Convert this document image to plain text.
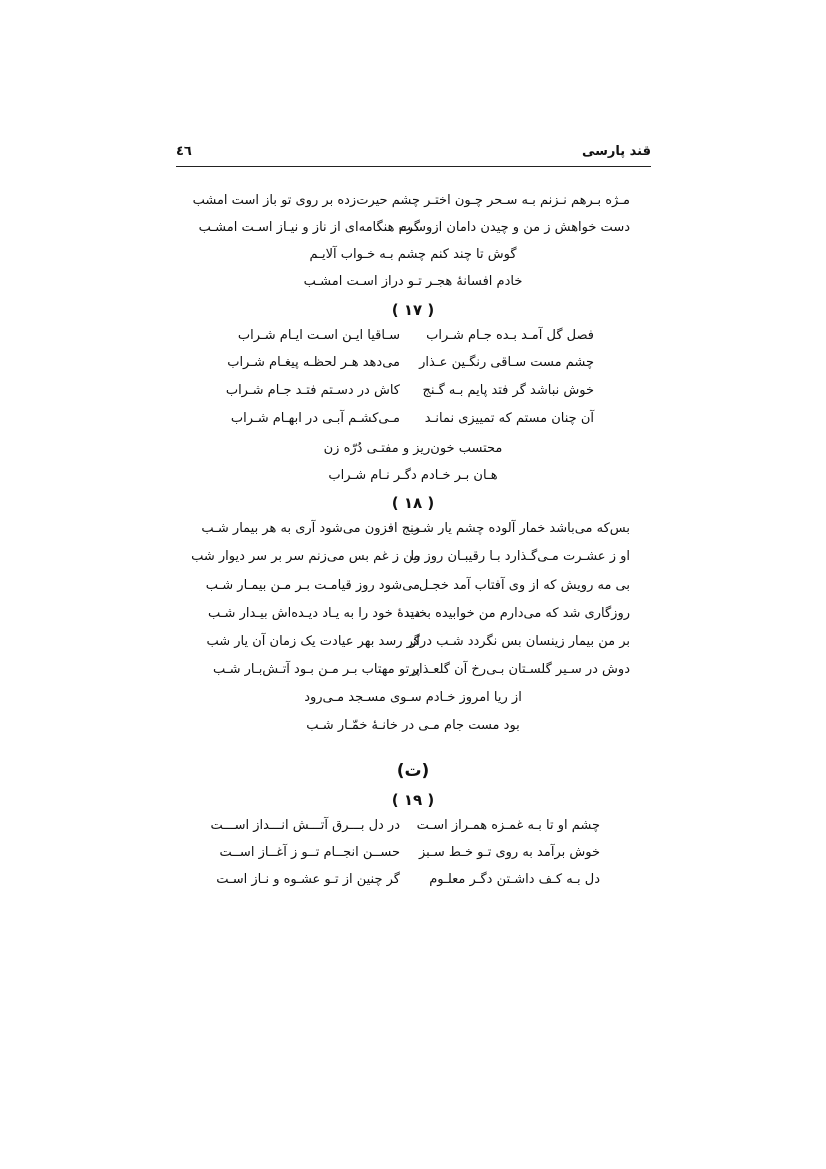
قند پارسی
٤٦
مـژه بـرهم نـزنم بـه سـحر چـون اختـر
چشم حیرت‌زده بر روی تو باز است امشب
دست خواهش ز من و چیدن دامان ازوسـت
گرم هنگامه‌ای از ناز و نیـاز اسـت امشـب
گوش تا چند کنم چشم بـه خـواب آلایـم
خادم افسانهٔ هجـر تـو دراز اسـت امشـب
( ١٧ )
فصل گل آمـد بـده جـام شـراب
سـاقیا ایـن اسـت ایـام شـراب
چشم مست سـاقی رنگـین عـذار
می‌دهد هـر لحظـه پیغـام شـراب
خوش نباشد گر فتد پایم بـه گـنج
کاش در دسـتم فتـد جـام شـراب
آن چنان مستم که تمییزی نمانـد
مـی‌کشـم آبـی در ابهـام شـراب
محتسب خون‌ریز و مفتـی دُرّه زن
هـان بـر خـادم دگـر نـام شـراب
( ١٨ )
بس‌که می‌باشد خمار آلوده چشم یار شـب
رنج افزون می‌شود آری به هر بیمار شـب
او ز عشـرت مـی‌گـذارد بـا رقیبـان روز را
من ز غم بس می‌زنم سر بر سر دیوار شب
بی مه رویش که از وی آفتاب آمد خجـل
می‌شود روز قیامـت بـر مـن بیمـار شـب
روزگاری شد که می‌دارم من خوابیده بخت
دیدهٔ خود را به یـاد دیـده‌اش بیـدار شـب
بر من بیمار زینسان بس نگردد شـب دراز
گر رسد بهر عیادت یک زمان آن یار شب
دوش در سـیر گلسـتان بـی‌رخ آن گلعـذار
پرتو مهتاب بـر مـن بـود آتـش‌بـار شـب
از ریا امروز خـادم سـوی مسـجد مـی‌رود
بود مست جام مـی در خانـهٔ خمّـار شـب
(ت)
( ١٩ )
چشم او تا بـه غمـزه همـراز اسـت
در دل بـــرق آتـــش انـــداز اســـت
خوش برآمد به روی تـو خـط سـبز
حســن انجــام تــو ز آغــاز اســت
دل بـه کـف داشـتن دگـر معلـوم
گر چنین از تـو عشـوه و نـاز اسـت
